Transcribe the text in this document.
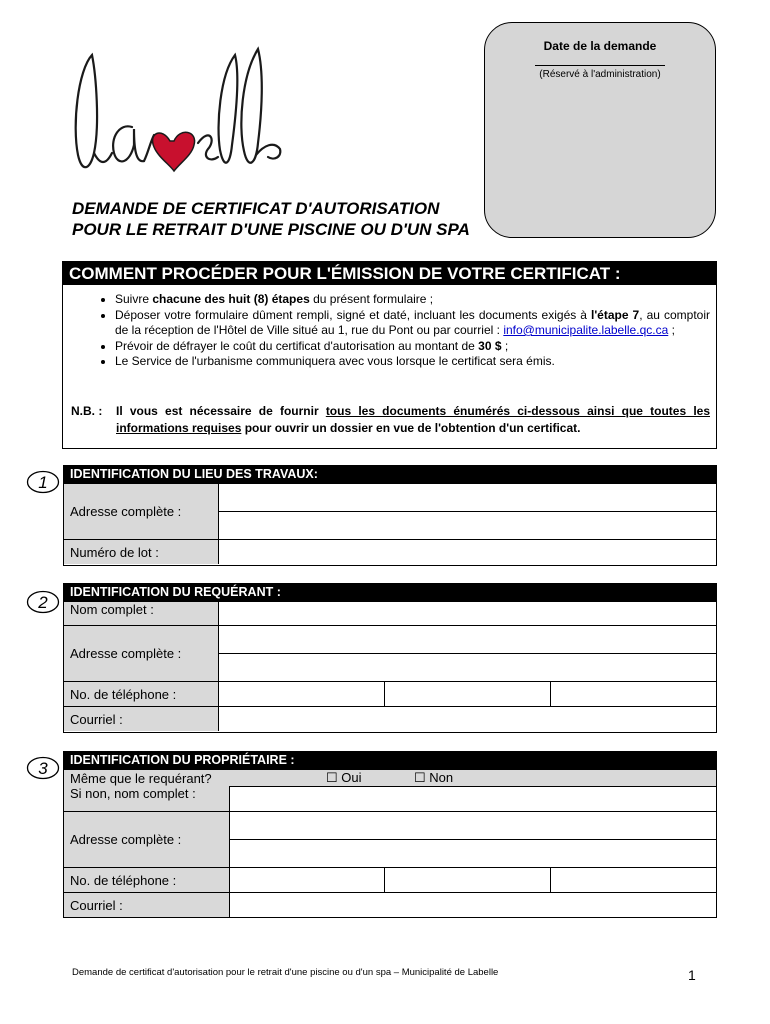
Date de la demande
(Réservé à l'administration)
DEMANDE DE CERTIFICAT D'AUTORISATION
POUR LE RETRAIT D'UNE PISCINE OU D'UN SPA
COMMENT PROCÉDER POUR L'ÉMISSION DE VOTRE CERTIFICAT :
• Suivre chacune des huit (8) étapes du présent formulaire ;
• Déposer votre formulaire dûment rempli, signé et daté, incluant les documents exigés à l'étape 7, au comptoir de la réception de l'Hôtel de Ville situé au 1, rue du Pont ou par courriel : info@municipalite.labelle.qc.ca ;
• Prévoir de défrayer le coût du certificat d'autorisation au montant de 30 $ ;
• Le Service de l'urbanisme communiquera avec vous lorsque le certificat sera émis.
N.B. : Il vous est nécessaire de fournir tous les documents énumérés ci-dessous ainsi que toutes les informations requises pour ouvrir un dossier en vue de l'obtention d'un certificat.
1	IDENTIFICATION DU LIEU DES TRAVAUX:
Adresse complète :
Numéro de lot :
2
IDENTIFICATION DU REQUÉRANT :
Nom complet :
Adresse complète :
No. de téléphone :
Courriel :
3	IDENTIFICATION DU PROPRIÉTAIRE :
Même que le requérant?	☐ Oui	☐ Non
Si non, nom complet :
Adresse complète :
No. de téléphone :
Courriel :
Demande de certificat d'autorisation pour le retrait d'une piscine ou d'un spa – Municipalité de Labelle	1
